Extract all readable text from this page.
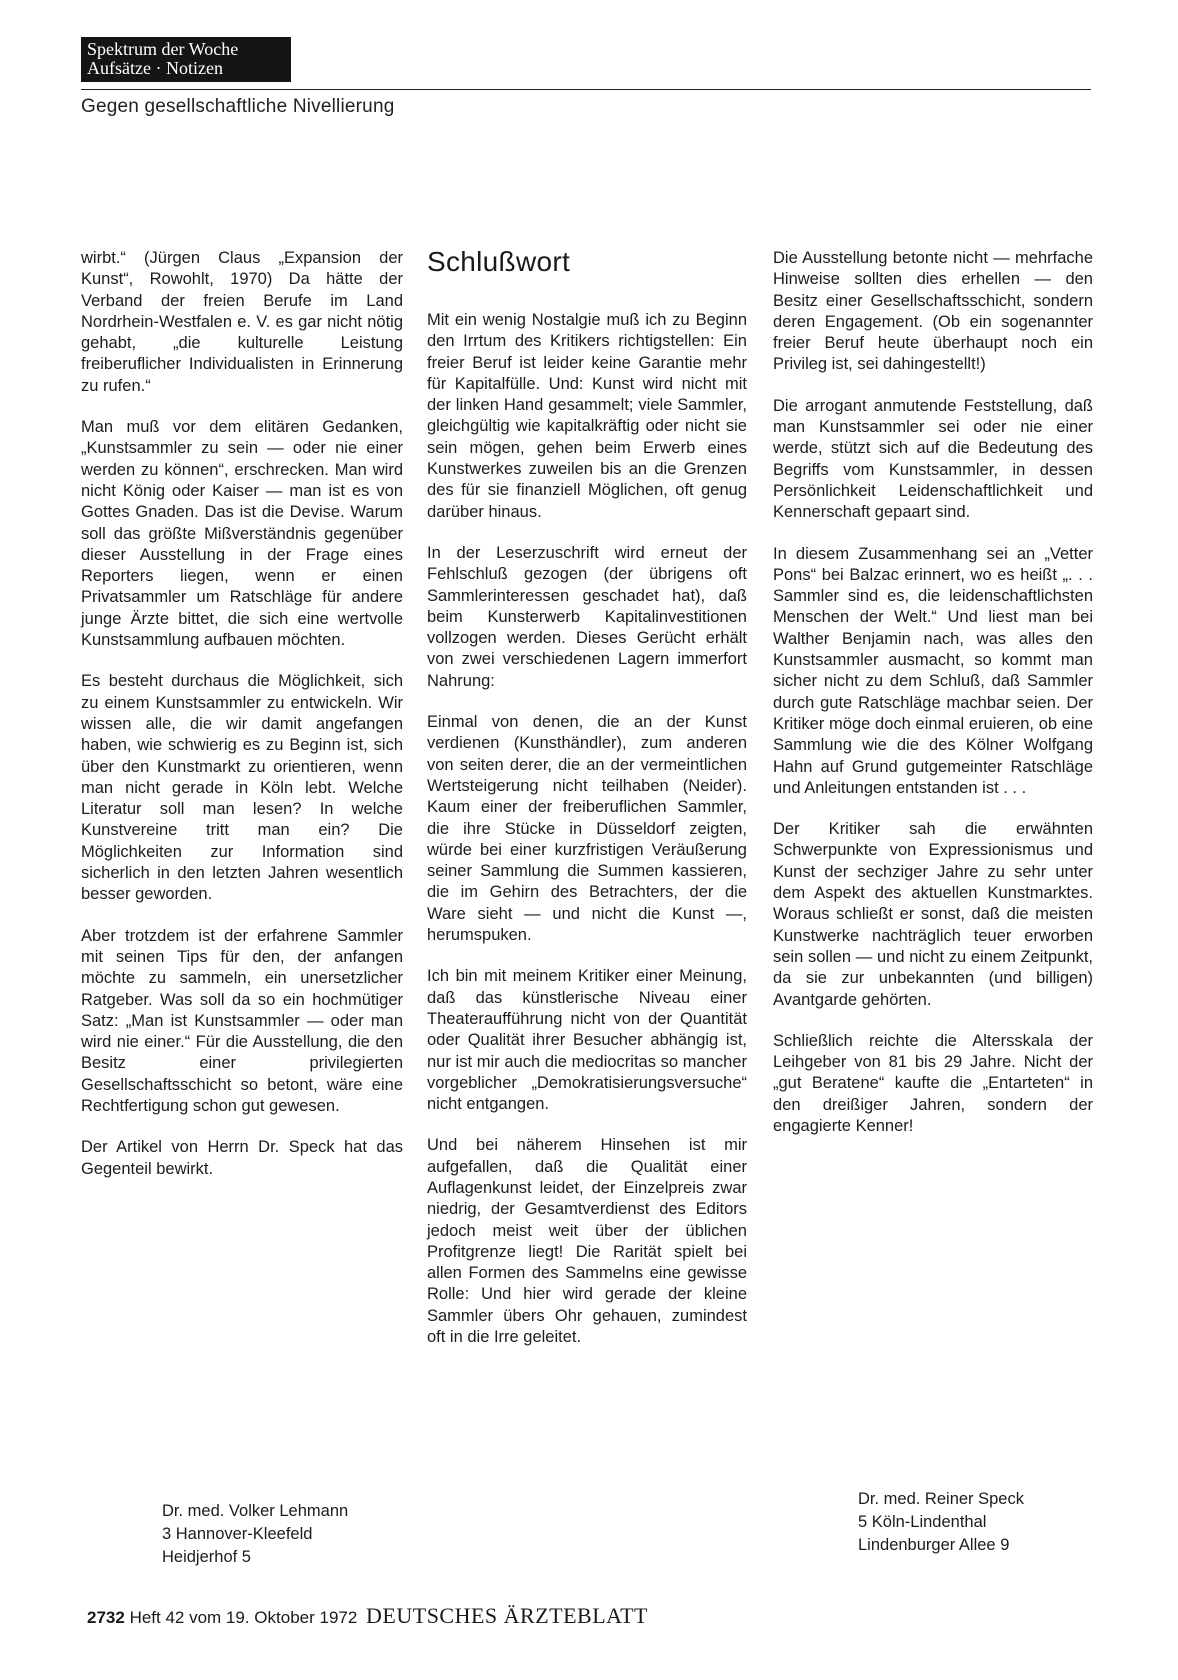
Spektrum der Woche
Aufsätze · Notizen
Gegen gesellschaftliche Nivellierung

wirbt.“ (Jürgen Claus „Expansion der Kunst“, Rowohlt, 1970) Da hätte der Verband der freien Berufe im Land Nordrhein-Westfalen e. V. es gar nicht nötig gehabt, „die kulturelle Leistung freiberuflicher Individualisten in Erinnerung zu rufen.“

Man muß vor dem elitären Gedanken, „Kunstsammler zu sein — oder nie einer werden zu können“, erschrecken. Man wird nicht König oder Kaiser — man ist es von Gottes Gnaden. Das ist die Devise. Warum soll das größte Mißverständnis gegenüber dieser Ausstellung in der Frage eines Reporters liegen, wenn er einen Privatsammler um Ratschläge für andere junge Ärzte bittet, die sich eine wertvolle Kunstsammlung aufbauen möchten.

Es besteht durchaus die Möglichkeit, sich zu einem Kunstsammler zu entwickeln. Wir wissen alle, die wir damit angefangen haben, wie schwierig es zu Beginn ist, sich über den Kunstmarkt zu orientieren, wenn man nicht gerade in Köln lebt. Welche Literatur soll man lesen? In welche Kunstvereine tritt man ein? Die Möglichkeiten zur Information sind sicherlich in den letzten Jahren wesentlich besser geworden.

Aber trotzdem ist der erfahrene Sammler mit seinen Tips für den, der anfangen möchte zu sammeln, ein unersetzlicher Ratgeber. Was soll da so ein hochmütiger Satz: „Man ist Kunstsammler — oder man wird nie einer.“ Für die Ausstellung, die den Besitz einer privilegierten Gesellschaftsschicht so betont, wäre eine Rechtfertigung schon gut gewesen.

Der Artikel von Herrn Dr. Speck hat das Gegenteil bewirkt.

Schlußwort

Mit ein wenig Nostalgie muß ich zu Beginn den Irrtum des Kritikers richtigstellen: Ein freier Beruf ist leider keine Garantie mehr für Kapitalfülle. Und: Kunst wird nicht mit der linken Hand gesammelt; viele Sammler, gleichgültig wie kapitalkräftig oder nicht sie sein mögen, gehen beim Erwerb eines Kunstwerkes zuweilen bis an die Grenzen des für sie finanziell Möglichen, oft genug darüber hinaus.

In der Leserzuschrift wird erneut der Fehlschluß gezogen (der übrigens oft Sammlerinteressen geschadet hat), daß beim Kunsterwerb Kapitalinvestitionen vollzogen werden. Dieses Gerücht erhält von zwei verschiedenen Lagern immerfort Nahrung:

Einmal von denen, die an der Kunst verdienen (Kunsthändler), zum anderen von seiten derer, die an der vermeintlichen Wertsteigerung nicht teilhaben (Neider). Kaum einer der freiberuflichen Sammler, die ihre Stücke in Düsseldorf zeigten, würde bei einer kurzfristigen Veräußerung seiner Sammlung die Summen kassieren, die im Gehirn des Betrachters, der die Ware sieht — und nicht die Kunst —, herumspuken.

Ich bin mit meinem Kritiker einer Meinung, daß das künstlerische Niveau einer Theateraufführung nicht von der Quantität oder Qualität ihrer Besucher abhängig ist, nur ist mir auch die mediocritas so mancher vorgeblicher „Demokratisierungsversuche“ nicht entgangen.

Und bei näherem Hinsehen ist mir aufgefallen, daß die Qualität einer Auflagenkunst leidet, der Einzelpreis zwar niedrig, der Gesamtverdienst des Editors jedoch meist weit über der üblichen Profitgrenze liegt! Die Rarität spielt bei allen Formen des Sammelns eine gewisse Rolle: Und hier wird gerade der kleine Sammler übers Ohr gehauen, zumindest oft in die Irre geleitet.

Die Ausstellung betonte nicht — mehrfache Hinweise sollten dies erhellen — den Besitz einer Gesellschaftsschicht, sondern deren Engagement. (Ob ein sogenannter freier Beruf heute überhaupt noch ein Privileg ist, sei dahingestellt!)

Die arrogant anmutende Feststellung, daß man Kunstsammler sei oder nie einer werde, stützt sich auf die Bedeutung des Begriffs vom Kunstsammler, in dessen Persönlichkeit Leidenschaftlichkeit und Kennerschaft gepaart sind.

In diesem Zusammenhang sei an „Vetter Pons“ bei Balzac erinnert, wo es heißt „. . . Sammler sind es, die leidenschaftlichsten Menschen der Welt.“ Und liest man bei Walther Benjamin nach, was alles den Kunstsammler ausmacht, so kommt man sicher nicht zu dem Schluß, daß Sammler durch gute Ratschläge machbar seien. Der Kritiker möge doch einmal eruieren, ob eine Sammlung wie die des Kölner Wolfgang Hahn auf Grund gutgemeinter Ratschläge und Anleitungen entstanden ist . . .

Der Kritiker sah die erwähnten Schwerpunkte von Expressionismus und Kunst der sechziger Jahre zu sehr unter dem Aspekt des aktuellen Kunstmarktes. Woraus schließt er sonst, daß die meisten Kunstwerke nachträglich teuer erworben sein sollen — und nicht zu einem Zeitpunkt, da sie zur unbekannten (und billigen) Avantgarde gehörten.

Schließlich reichte die Altersskala der Leihgeber von 81 bis 29 Jahre. Nicht der „gut Beratene“ kaufte die „Entarteten“ in den dreißiger Jahren, sondern der engagierte Kenner!

Dr. med. Volker Lehmann
3 Hannover-Kleefeld
Heidjerhof 5
Dr. med. Reiner Speck
5 Köln-Lindenthal
Lindenburger Allee 9
2732 Heft 42 vom 19. Oktober 1972 DEUTSCHES ÄRZTEBLATT
